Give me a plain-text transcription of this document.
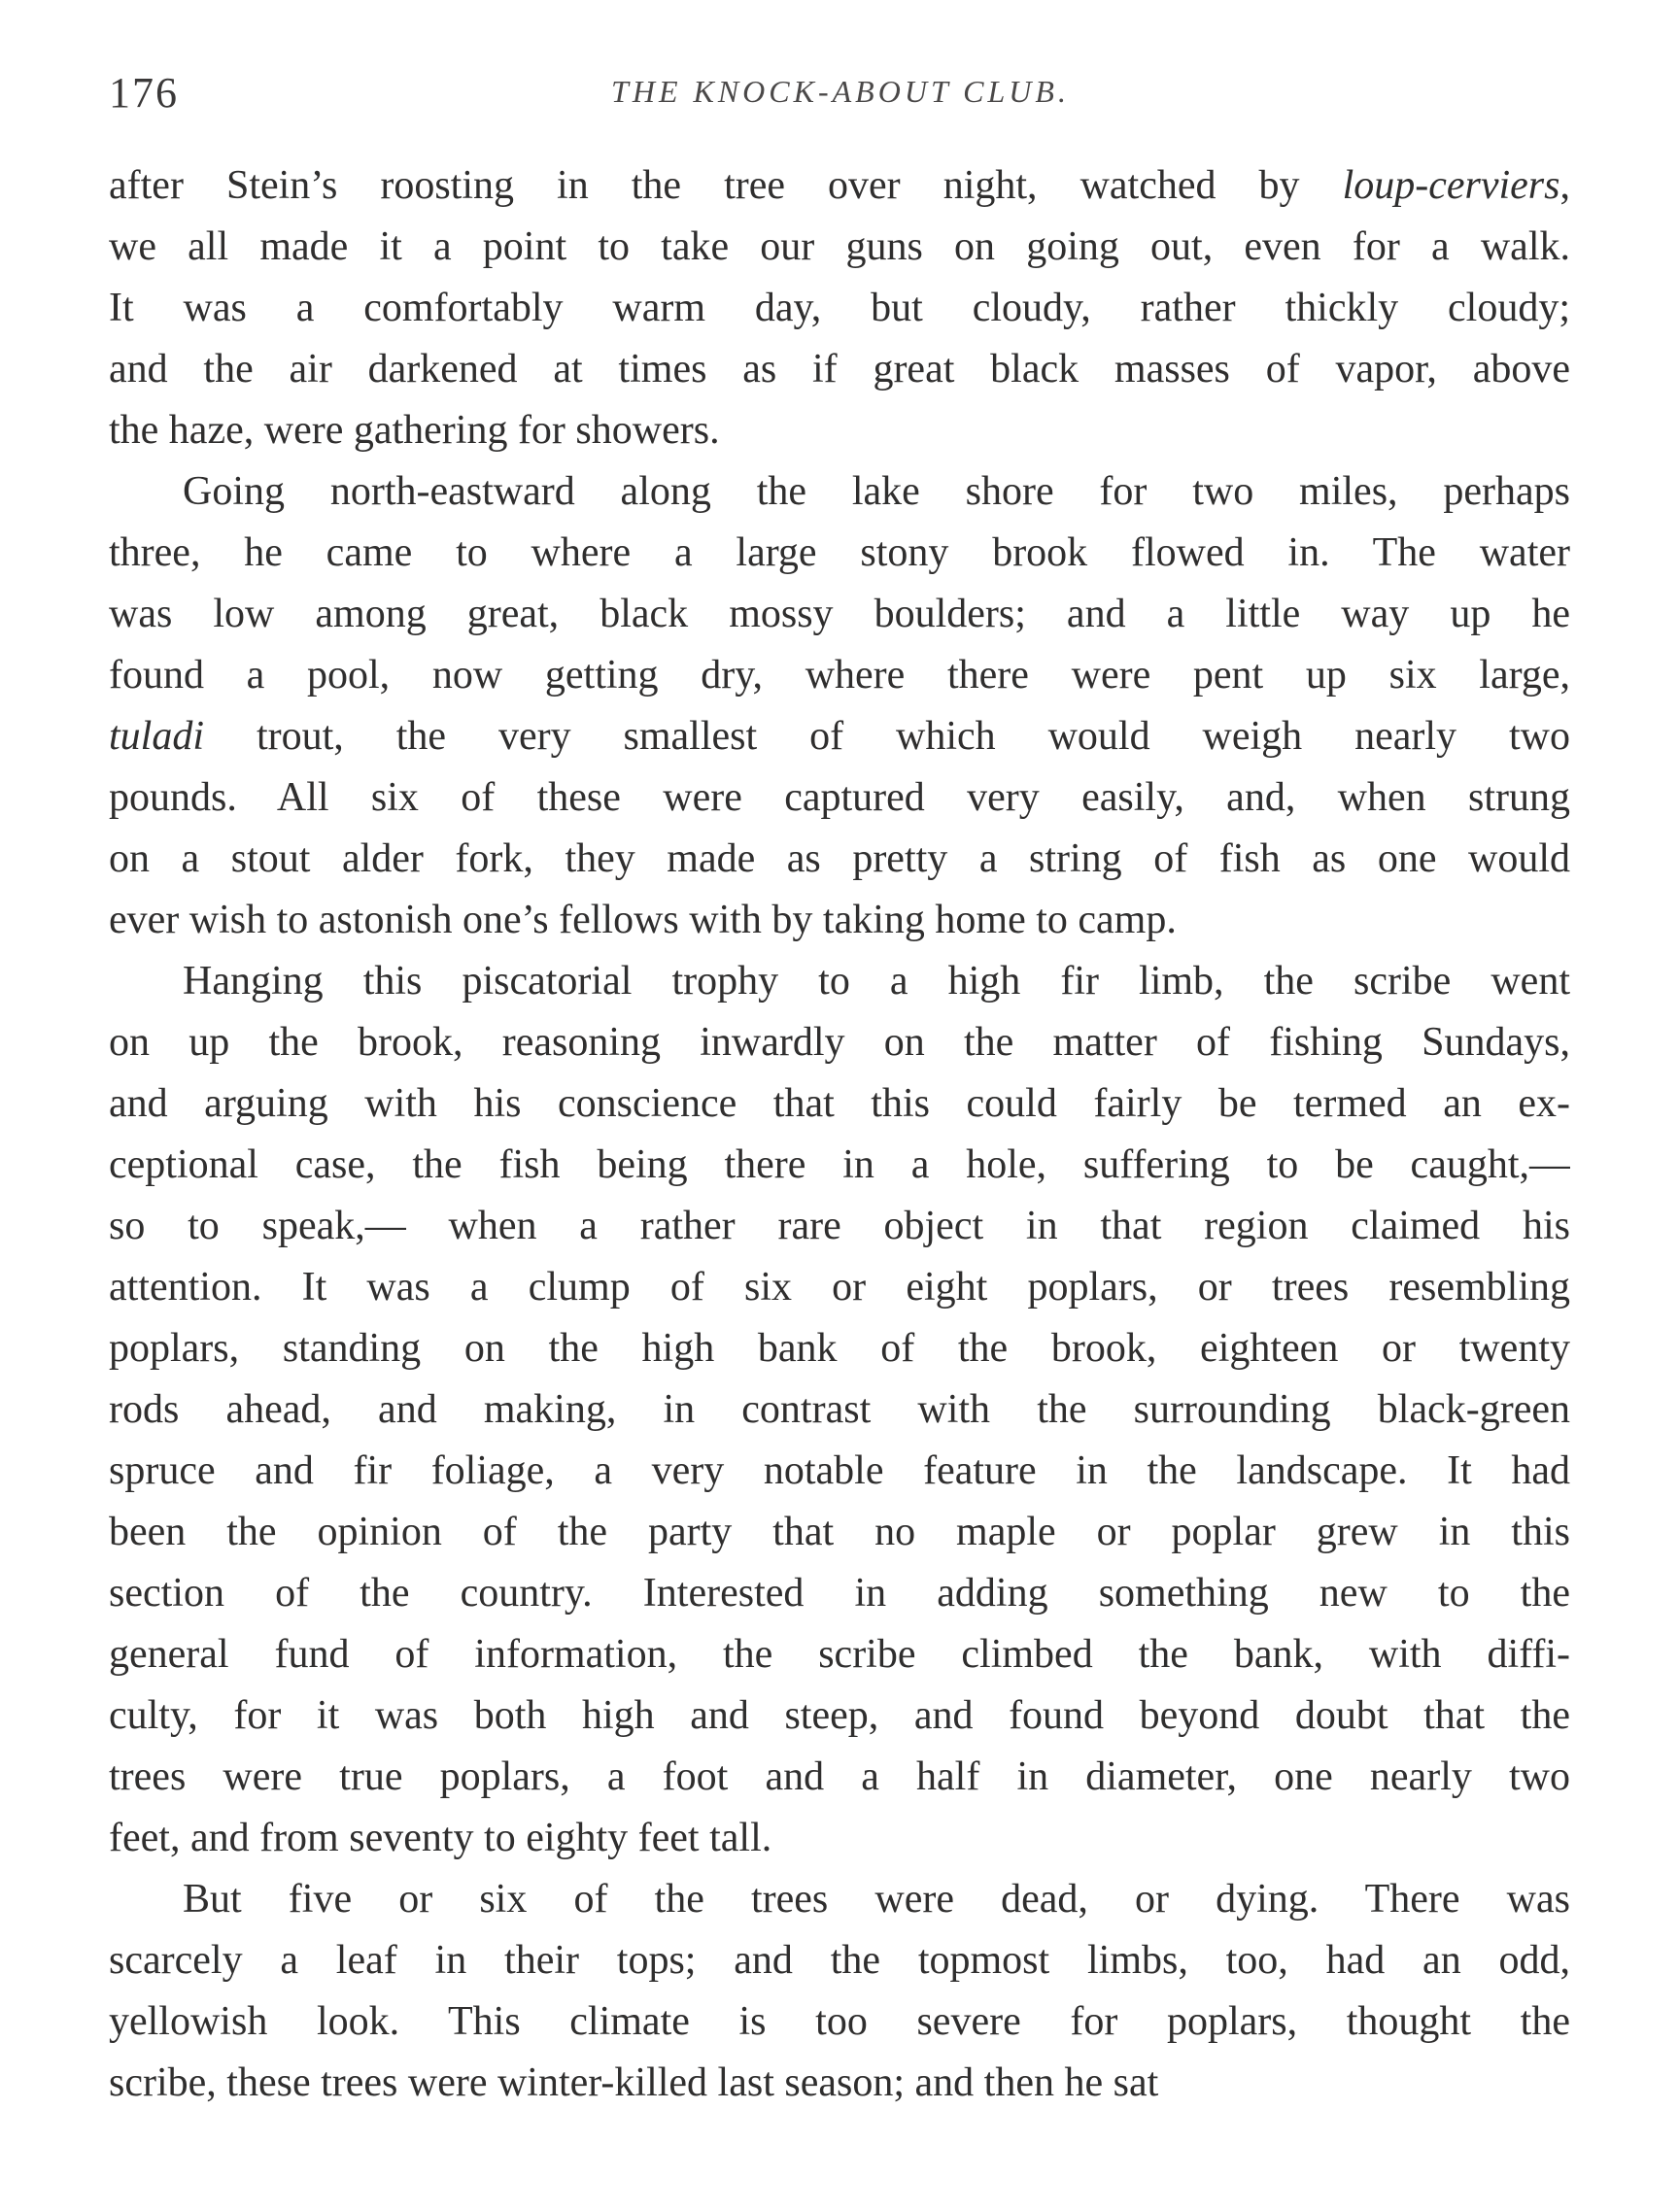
176	THE KNOCK-ABOUT CLUB.
after Stein’s roosting in the tree over night, watched by loup-cerviers,
we all made it a point to take our guns on going out, even for a walk.
It was a comfortably warm day, but cloudy, rather thickly cloudy;
and the air darkened at times as if great black masses of vapor, above
the haze, were gathering for showers.
Going north-eastward along the lake shore for two miles, perhaps
three, he came to where a large stony brook flowed in. The water
was low among great, black mossy boulders; and a little way up he
found a pool, now getting dry, where there were pent up six large,
tuladi trout, the very smallest of which would weigh nearly two
pounds. All six of these were captured very easily, and, when strung
on a stout alder fork, they made as pretty a string of fish as one would
ever wish to astonish one’s fellows with by taking home to camp.
Hanging this piscatorial trophy to a high fir limb, the scribe went
on up the brook, reasoning inwardly on the matter of fishing Sundays,
and arguing with his conscience that this could fairly be termed an ex-
ceptional case, the fish being there in a hole, suffering to be caught,—
so to speak,— when a rather rare object in that region claimed his
attention. It was a clump of six or eight poplars, or trees resembling
poplars, standing on the high bank of the brook, eighteen or twenty
rods ahead, and making, in contrast with the surrounding black-green
spruce and fir foliage, a very notable feature in the landscape. It had
been the opinion of the party that no maple or poplar grew in this
section of the country. Interested in adding something new to the
general fund of information, the scribe climbed the bank, with diffi-
culty, for it was both high and steep, and found beyond doubt that the
trees were true poplars, a foot and a half in diameter, one nearly two
feet, and from seventy to eighty feet tall.
But five or six of the trees were dead, or dying. There was
scarcely a leaf in their tops; and the topmost limbs, too, had an odd,
yellowish look. This climate is too severe for poplars, thought the
scribe, these trees were winter-killed last season; and then he sat
